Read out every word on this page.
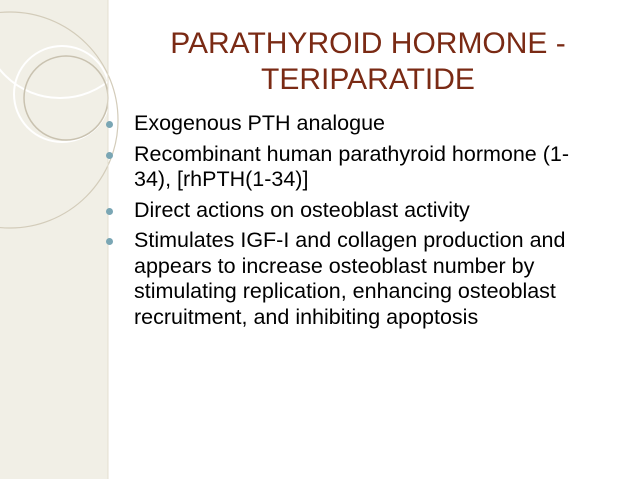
PARATHYROID HORMONE - TERIPARATIDE
Exogenous PTH analogue
Recombinant human parathyroid hormone (1-34), [rhPTH(1-34)]
Direct actions on osteoblast activity
Stimulates IGF-I and collagen production and appears to increase osteoblast number by stimulating replication, enhancing osteoblast recruitment, and inhibiting apoptosis
